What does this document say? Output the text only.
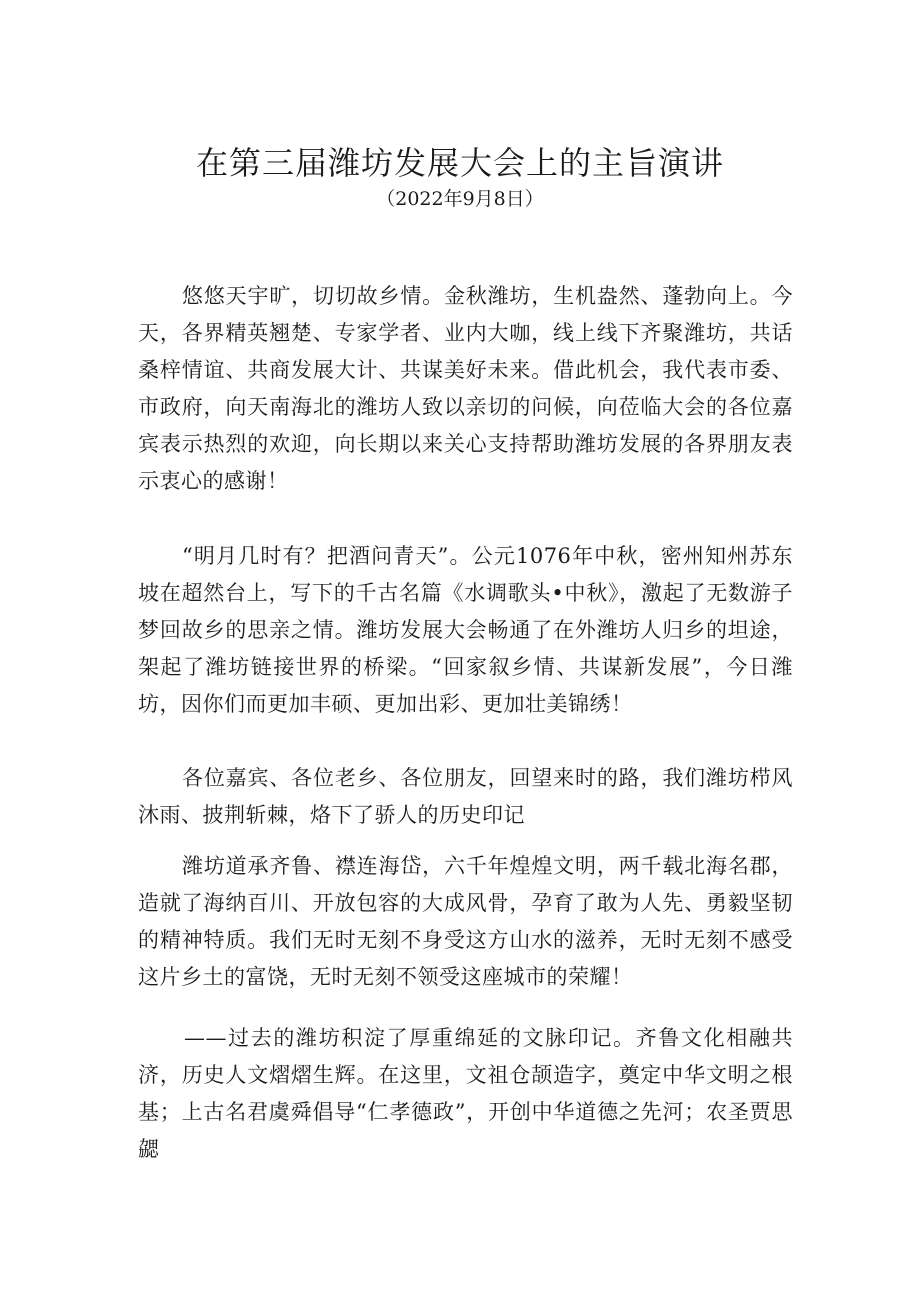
在第三届潍坊发展大会上的主旨演讲

（2022年9月8日）

悠悠天宇旷，切切故乡情。金秋潍坊，生机盎然、蓬勃向上。今天，各界精英翘楚、专家学者、业内大咖，线上线下齐聚潍坊，共话桑梓情谊、共商发展大计、共谋美好未来。借此机会，我代表市委、市政府，向天南海北的潍坊人致以亲切的问候，向莅临大会的各位嘉宾表示热烈的欢迎，向长期以来关心支持帮助潍坊发展的各界朋友表示衷心的感谢！

“明月几时有？把酒问青天”。公元1076年中秋，密州知州苏东坡在超然台上，写下的千古名篇《水调歌头•中秋》，激起了无数游子梦回故乡的思亲之情。潍坊发展大会畅通了在外潍坊人归乡的坦途，架起了潍坊链接世界的桥梁。“回家叙乡情、共谋新发展”，今日潍坊，因你们而更加丰硕、更加出彩、更加壮美锦绣！

各位嘉宾、各位老乡、各位朋友，回望来时的路，我们潍坊栉风沐雨、披荆斩棘，烙下了骄人的历史印记

潍坊道承齐鲁、襟连海岱，六千年煌煌文明，两千载北海名郡，造就了海纳百川、开放包容的大成风骨，孕育了敢为人先、勇毅坚韧的精神特质。我们无时无刻不身受这方山水的滋养，无时无刻不感受这片乡土的富饶，无时无刻不领受这座城市的荣耀！

——过去的潍坊积淀了厚重绵延的文脉印记。齐鲁文化相融共济，历史人文熠熠生辉。在这里，文祖仓颉造字，奠定中华文明之根基；上古名君虞舜倡导“仁孝德政”，开创中华道德之先河；农圣贾思勰
